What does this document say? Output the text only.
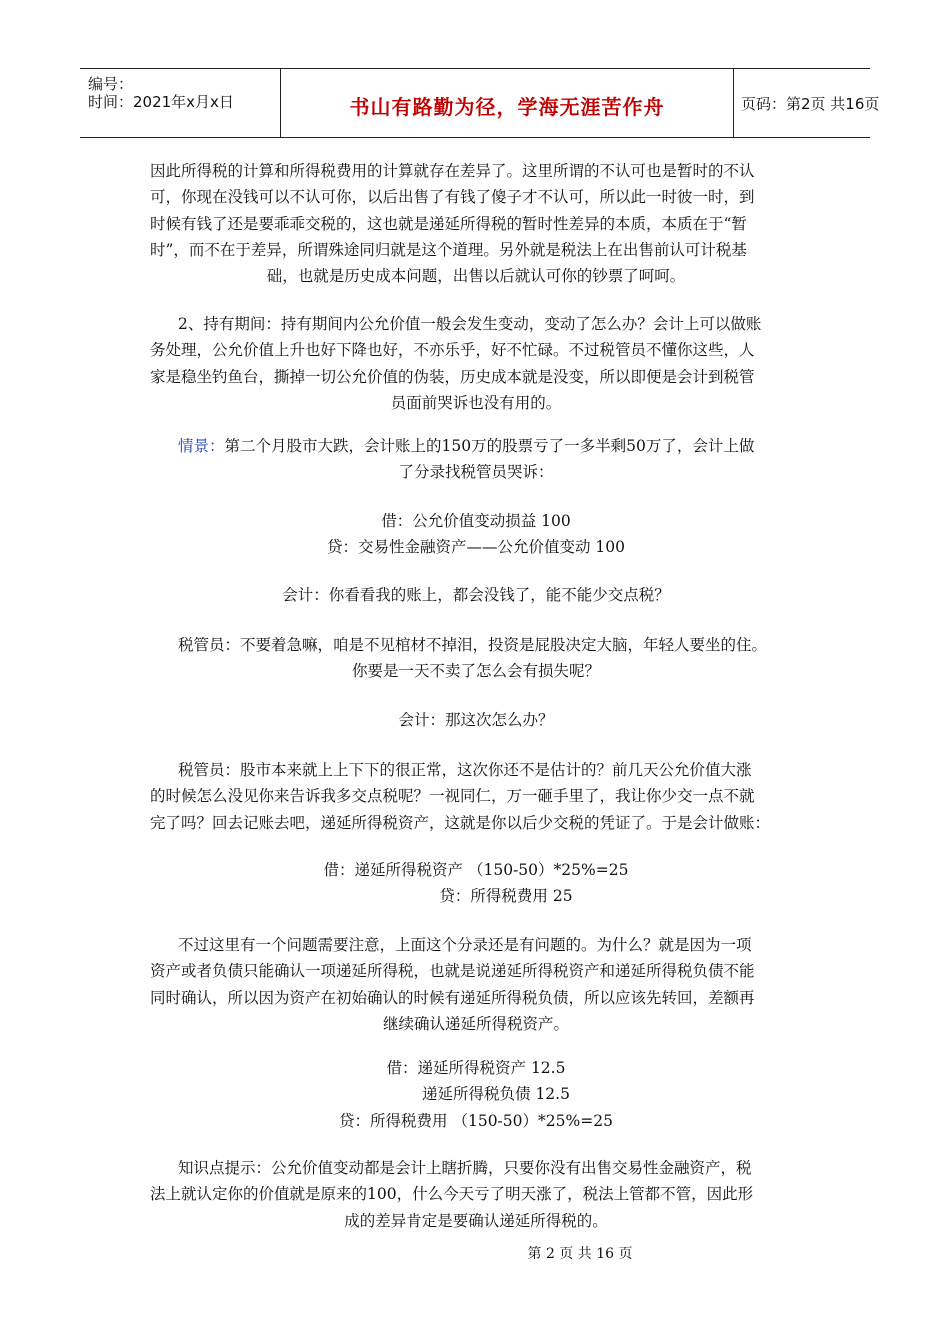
编号：
时间：2021年x月x日	书山有路勤为径，学海无涯苦作舟	页码：第2页 共16页
因此所得税的计算和所得税费用的计算就存在差异了。这里所谓的不认可也是暂时的不认
可，你现在没钱可以不认可你，以后出售了有钱了傻子才不认可，所以此一时彼一时，到
时候有钱了还是要乖乖交税的，这也就是递延所得税的暂时性差异的本质，本质在于“暂
时”，而不在于差异，所谓殊途同归就是这个道理。另外就是税法上在出售前认可计税基
础，也就是历史成本问题，出售以后就认可你的钞票了呵呵。
2、持有期间：持有期间内公允价值一般会发生变动，变动了怎么办？会计上可以做账
务处理，公允价值上升也好下降也好，不亦乐乎，好不忙碌。不过税管员不懂你这些，人
家是稳坐钓鱼台，撕掉一切公允价值的伪装，历史成本就是没变，所以即便是会计到税管
员面前哭诉也没有用的。
情景：第二个月股市大跌，会计账上的150万的股票亏了一多半剩50万了，会计上做
了分录找税管员哭诉：
借：公允价值变动损益 100
贷：交易性金融资产——公允价值变动 100
会计：你看看我的账上，都会没钱了，能不能少交点税？
税管员：不要着急嘛，咱是不见棺材不掉泪，投资是屁股决定大脑，年轻人要坐的住。
你要是一天不卖了怎么会有损失呢？
会计：那这次怎么办？
税管员：股市本来就上上下下的很正常，这次你还不是估计的？前几天公允价值大涨
的时候怎么没见你来告诉我多交点税呢？一视同仁，万一砸手里了，我让你少交一点不就
完了吗？回去记账去吧，递延所得税资产，这就是你以后少交税的凭证了。于是会计做账：
借：递延所得税资产 （150-50）*25%=25
贷：所得税费用 25
不过这里有一个问题需要注意，上面这个分录还是有问题的。为什么？就是因为一项
资产或者负债只能确认一项递延所得税，也就是说递延所得税资产和递延所得税负债不能
同时确认，所以因为资产在初始确认的时候有递延所得税负债，所以应该先转回，差额再
继续确认递延所得税资产。
借：递延所得税资产 12.5
递延所得税负债 12.5
贷：所得税费用 （150-50）*25%=25
知识点提示：公允价值变动都是会计上瞎折腾，只要你没有出售交易性金融资产，税
法上就认定你的价值就是原来的100，什么今天亏了明天涨了，税法上管都不管，因此形
成的差异肯定是要确认递延所得税的。
第 2 页 共 16 页
